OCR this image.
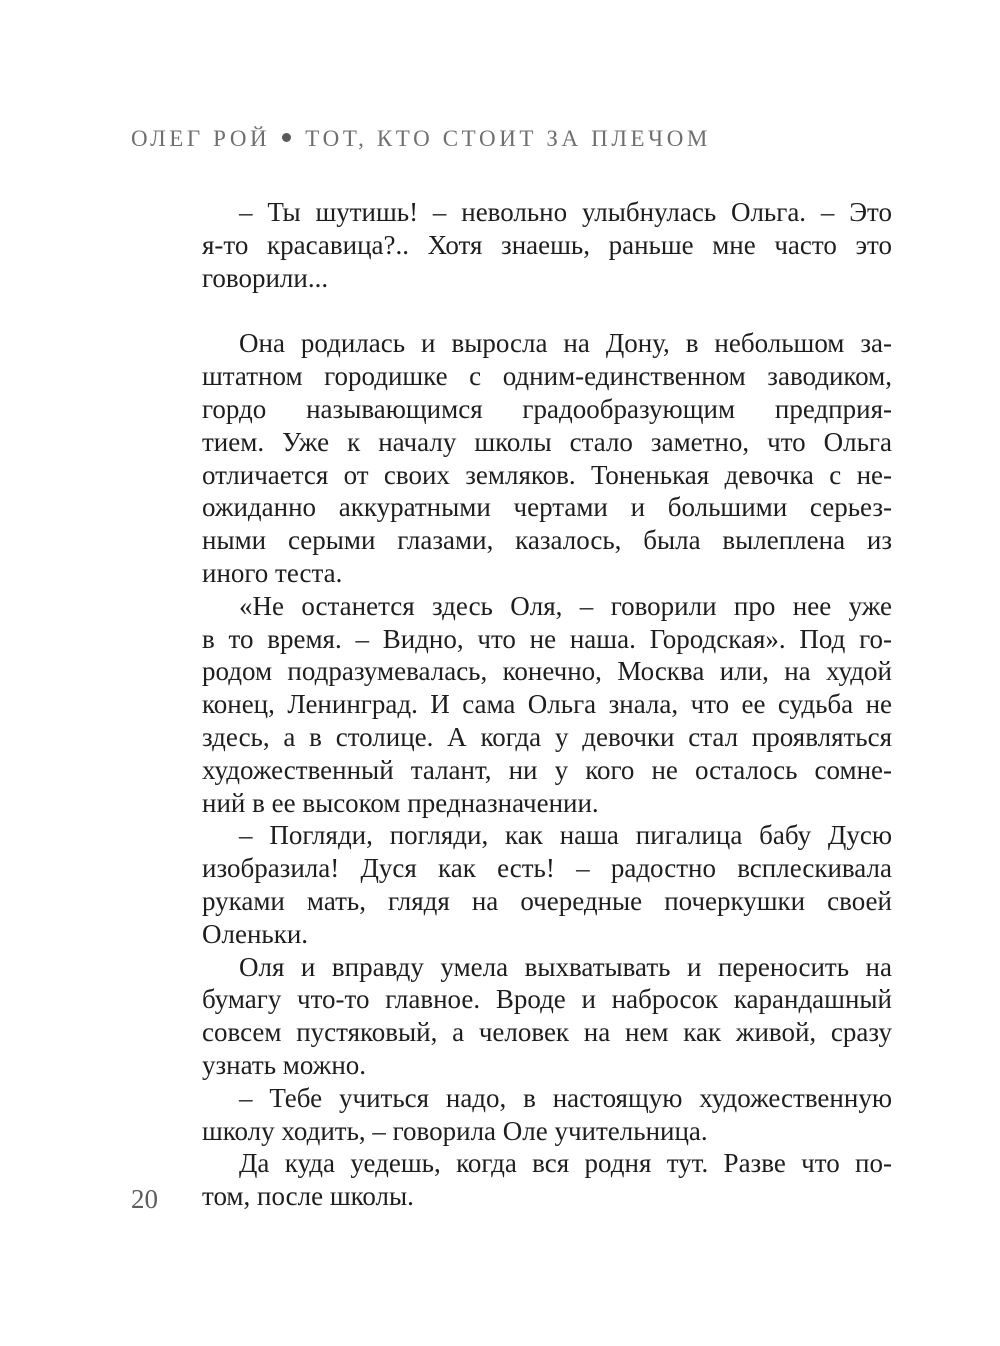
ОЛЕГ РОЙ ТОТ, КТО СТОИТ ЗА ПЛЕЧОМ
– Ты шутишь! – невольно улыбнулась Ольга. – Это
я-то красавица?.. Хотя знаешь, раньше мне часто это
говорили...
Она родилась и выросла на Дону, в небольшом за-
штатном городишке с одним-единственном заводиком,
гордо называющимся градообразующим предприя-
тием. Уже к началу школы стало заметно, что Ольга
отличается от своих земляков. Тоненькая девочка с не-
ожиданно аккуратными чертами и большими серьез-
ными серыми глазами, казалось, была вылеплена из
иного теста.
«Не останется здесь Оля, – говорили про нее уже
в то время. – Видно, что не наша. Городская». Под го-
родом подразумевалась, конечно, Москва или, на худой
конец, Ленинград. И сама Ольга знала, что ее судьба не
здесь, а в столице. А когда у девочки стал проявляться
художественный талант, ни у кого не осталось сомне-
ний в ее высоком предназначении.
– Погляди, погляди, как наша пигалица бабу Дусю
изобразила! Дуся как есть! – радостно всплескивала
руками мать, глядя на очередные почеркушки своей
Оленьки.
Оля и вправду умела выхватывать и переносить на
бумагу что-то главное. Вроде и набросок карандашный
совсем пустяковый, а человек на нем как живой, сразу
узнать можно.
– Тебе учиться надо, в настоящую художественную
школу ходить, – говорила Оле учительница.
Да куда уедешь, когда вся родня тут. Разве что по-
том, после школы.
20
